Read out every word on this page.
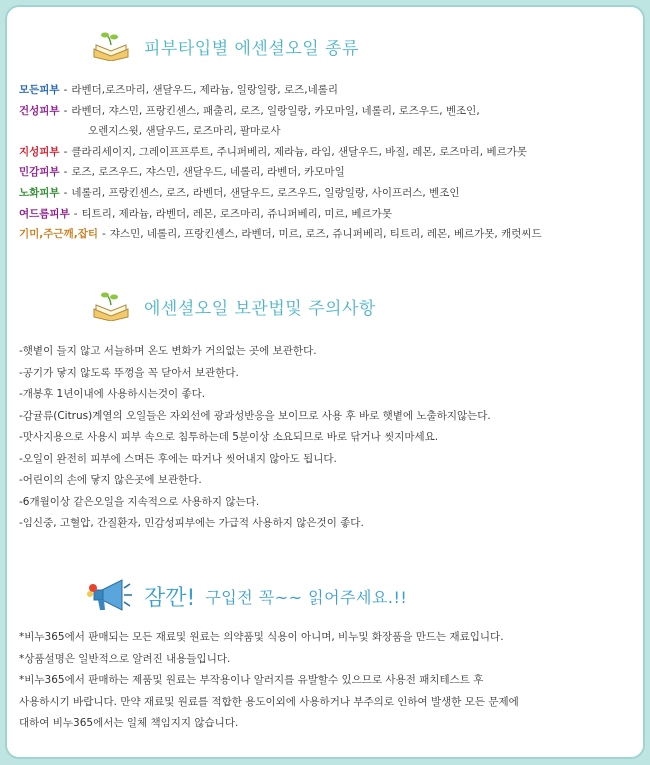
피부타입별 에센셜오일 종류
모든피부 - 라벤더,로즈마리, 샌달우드, 제라늄, 일랑일랑, 로즈,네롤리
건성피부 - 라벤더, 쟈스민, 프랑킨센스, 패출리, 로즈, 일랑일랑, 카모마일, 네롤리, 로즈우드, 벤조인,
오렌지스윗, 샌달우드, 로즈마리, 팔마로사
지성피부 - 클라리세이지, 그레이프프루트, 주니퍼베리, 제라늄, 라임, 샌달우드, 바질, 레몬, 로즈마리, 베르가못
민감피부 - 로즈, 로즈우드, 쟈스민, 샌달우드, 네롤리, 라벤더, 카모마일
노화피부 - 네롤리, 프랑킨센스, 로즈, 라벤더, 샌달우드, 로즈우드, 일랑일랑, 사이프러스, 벤조인
여드름피부 - 티트리, 제라늄, 라벤더, 레몬, 로즈마리, 쥬니퍼베리, 미르, 베르가못
기미,주근깨,잡티 - 쟈스민, 네롤리, 프랑킨센스, 라벤더, 미르, 로즈, 쥬니퍼베리, 티트리, 레몬, 베르가못, 캐럿씨드
에센셜오일 보관법및 주의사항
-햇볕이 들지 않고 서늘하며 온도 변화가 거의없는 곳에 보관한다.
-공기가 닿지 않도록 뚜껑을 꼭 닫아서 보관한다.
-개봉후 1년이내에 사용하시는것이 좋다.
-감귤류(Citrus)계열의 오일들은 자외선에 광과성반응을 보이므로 사용 후 바로 햇볕에 노출하지않는다.
-맛사지용으로 사용시 피부 속으로 침투하는데 5분이상 소요되므로 바로 닦거나 씻지마세요.
-오일이 완전히 피부에 스며든 후에는 따거나 씻어내지 않아도 됩니다.
-어린이의 손에 닿지 않은곳에 보관한다.
-6개월이상 같은오일을 지속적으로 사용하지 않는다.
-임신중, 고혈압, 간질환자, 민감성피부에는 가급적 사용하지 않은것이 좋다.
잠깐! 구입전 꼭~~ 읽어주세요.!!
*비누365에서 판매되는 모든 재료및 원료는 의약품및 식용이 아니며, 비누및 화장품을 만드는 재료입니다.
*상품설명은 일반적으로 알려진 내용들입니다.
*비누365에서 판매하는 제품및 원료는 부작용이나 알러지를 유발할수 있으므로 사용전 패치테스트 후
사용하시기 바랍니다. 만약 재료및 원료를 적합한 용도이외에 사용하거나 부주의로 인하여 발생한 모든 문제에
대하여 비누365에서는 일체 책임지지 않습니다.
